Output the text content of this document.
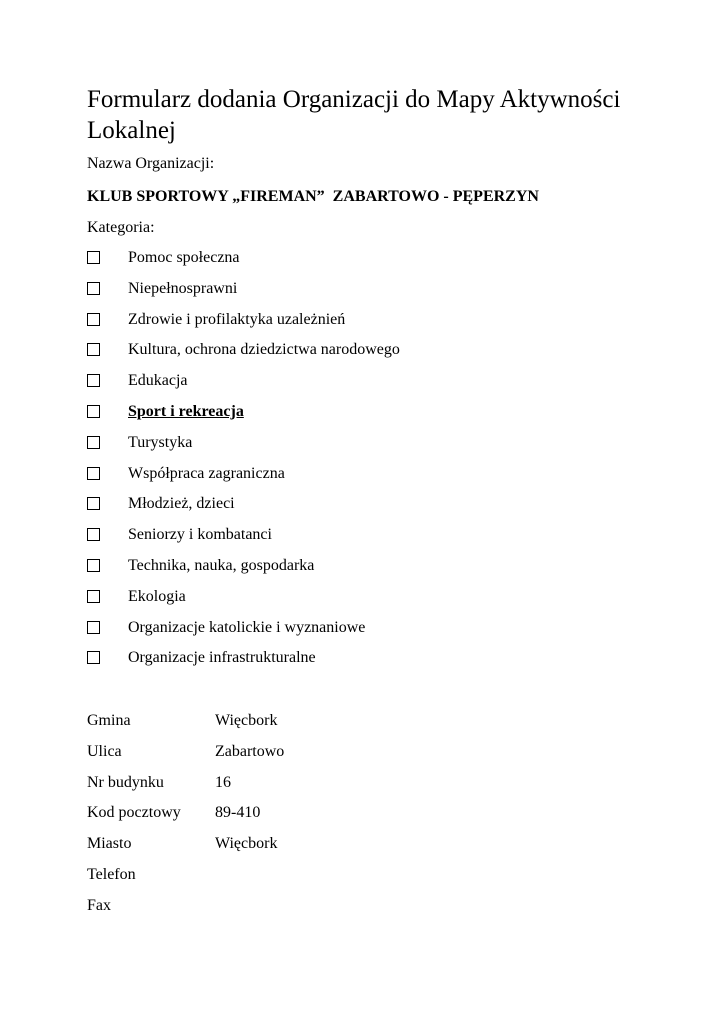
Formularz dodania Organizacji do Mapy Aktywności Lokalnej
Nazwa Organizacji:
KLUB SPORTOWY „FIREMAN”  ZABARTOWO - PĘPERZYN
Kategoria:
Pomoc społeczna
Niepełnosprawni
Zdrowie i profilaktyka uzależnień
Kultura, ochrona dziedzictwa narodowego
Edukacja
Sport i rekreacja
Turystyka
Współpraca zagraniczna
Młodzież, dzieci
Seniorzy i kombatanci
Technika, nauka, gospodarka
Ekologia
Organizacje katolickie i wyznaniowe
Organizacje infrastrukturalne
Gmina	Więcbork
Ulica	Zabartowo
Nr budynku	16
Kod pocztowy	89-410
Miasto	Więcbork
Telefon
Fax
